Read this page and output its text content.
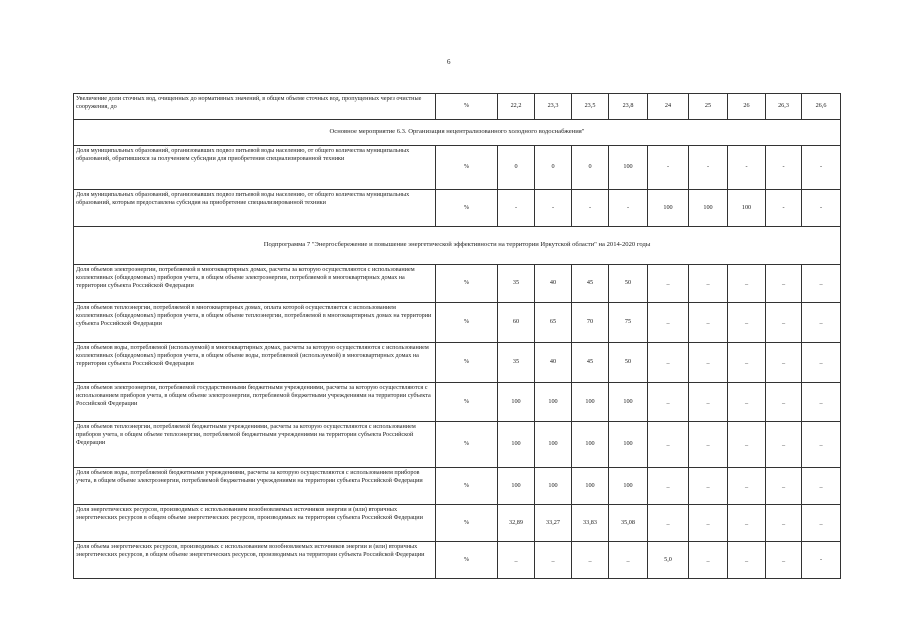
6
Увеличение доли сточных вод, очищенных до нормативных значений, в общем объеме сточных вод, пропущенных через очистные сооружения, до	%	22,2	23,3	23,5	23,8	24	25	26	26,3	26,6
Основное мероприятие 6.3. Организация нецентрализованного холодного водоснабжения"										
Доля муниципальных образований, организовавших подвоз питьевой воды населению, от общего количества муниципальных образований, обратившихся за получением субсидии для приобретения специализированной техники	%	0	0	0	100	-	-	-	-	-
Доля муниципальных образований, организовавших подвоз питьевой воды населению, от общего количества муниципальных образований, которым предоставлена субсидия на приобретение специализированной техники	%	-	-	-	-	100	100	100	-	-
Подпрограмма 7 "Энергосбережение и повышение энергетической эффективности на территории Иркутской области" на 2014-2020 годы										
Доля объемов электроэнергии, потребляемой в многоквартирных домах, расчеты за которую осуществляются с использованием коллективных (общедомовых) приборов учета, в общем объеме электроэнергии, потребляемой в многоквартирных домах на территории субъекта Российской Федерации	%	35	40	45	50	_	_	_	_	_
Доля объемов теплоэнергии, потребляемой в многоквартирных домах, оплата которой осуществляется с использованием коллективных (общедомовых) приборов учета, в общем объеме теплоэнергии, потребляемой в многоквартирных домах на территории субъекта Российской Федерации	%	60	65	70	75	_	_	_	_	_
Доля объемов воды, потребляемой (используемой) в многоквартирных домах, расчеты за которую осуществляются с использованием коллективных (общедомовых) приборов учета, в общем объеме воды, потребляемой (используемой) в многоквартирных домах на территории субъекта Российской Федерации	%	35	40	45	50	_	_	_	_	_
Доля объемов электроэнергии, потребляемой государственными бюджетными учреждениями, расчеты за которую осуществляются с использованием приборов учета, в общем объеме электроэнергии, потребляемой бюджетными учреждениями на территории субъекта Российской Федерации	%	100	100	100	100	_	_	_	_	_
Доля объемов теплоэнергии, потребляемой бюджетными учреждениями, расчеты за которую осуществляются с использованием приборов учета, в общем объеме теплоэнергии, потребляемой бюджетными учреждениями на территории субъекта Российской Федерации	%	100	100	100	100	_	_	_	_	_
Доля объемов воды, потребляемой бюджетными учреждениями, расчеты за которую осуществляются с использованием приборов учета, в общем объеме электроэнергии, потребляемой бюджетными учреждениями на территории субъекта Российской Федерации	%	100	100	100	100	_	_	_	_	_
Доля энергетических ресурсов, производимых с использованием возобновляемых источников энергии и (или) вторичных энергетических ресурсов в общем объеме энергетических ресурсов, производимых на территории субъекта Российской Федерации	%	32,89	33,27	33,83	35,08	_	_	_	_	_
Доля объема энергетических ресурсов, производимых с использованием возобновляемых источников энергии и (или) вторичных энергетических ресурсов, в общем объеме энергетических ресурсов, производимых на территории субъекта Российской Федерации	%	_	_	_	_	5,0	_	_	_	-
